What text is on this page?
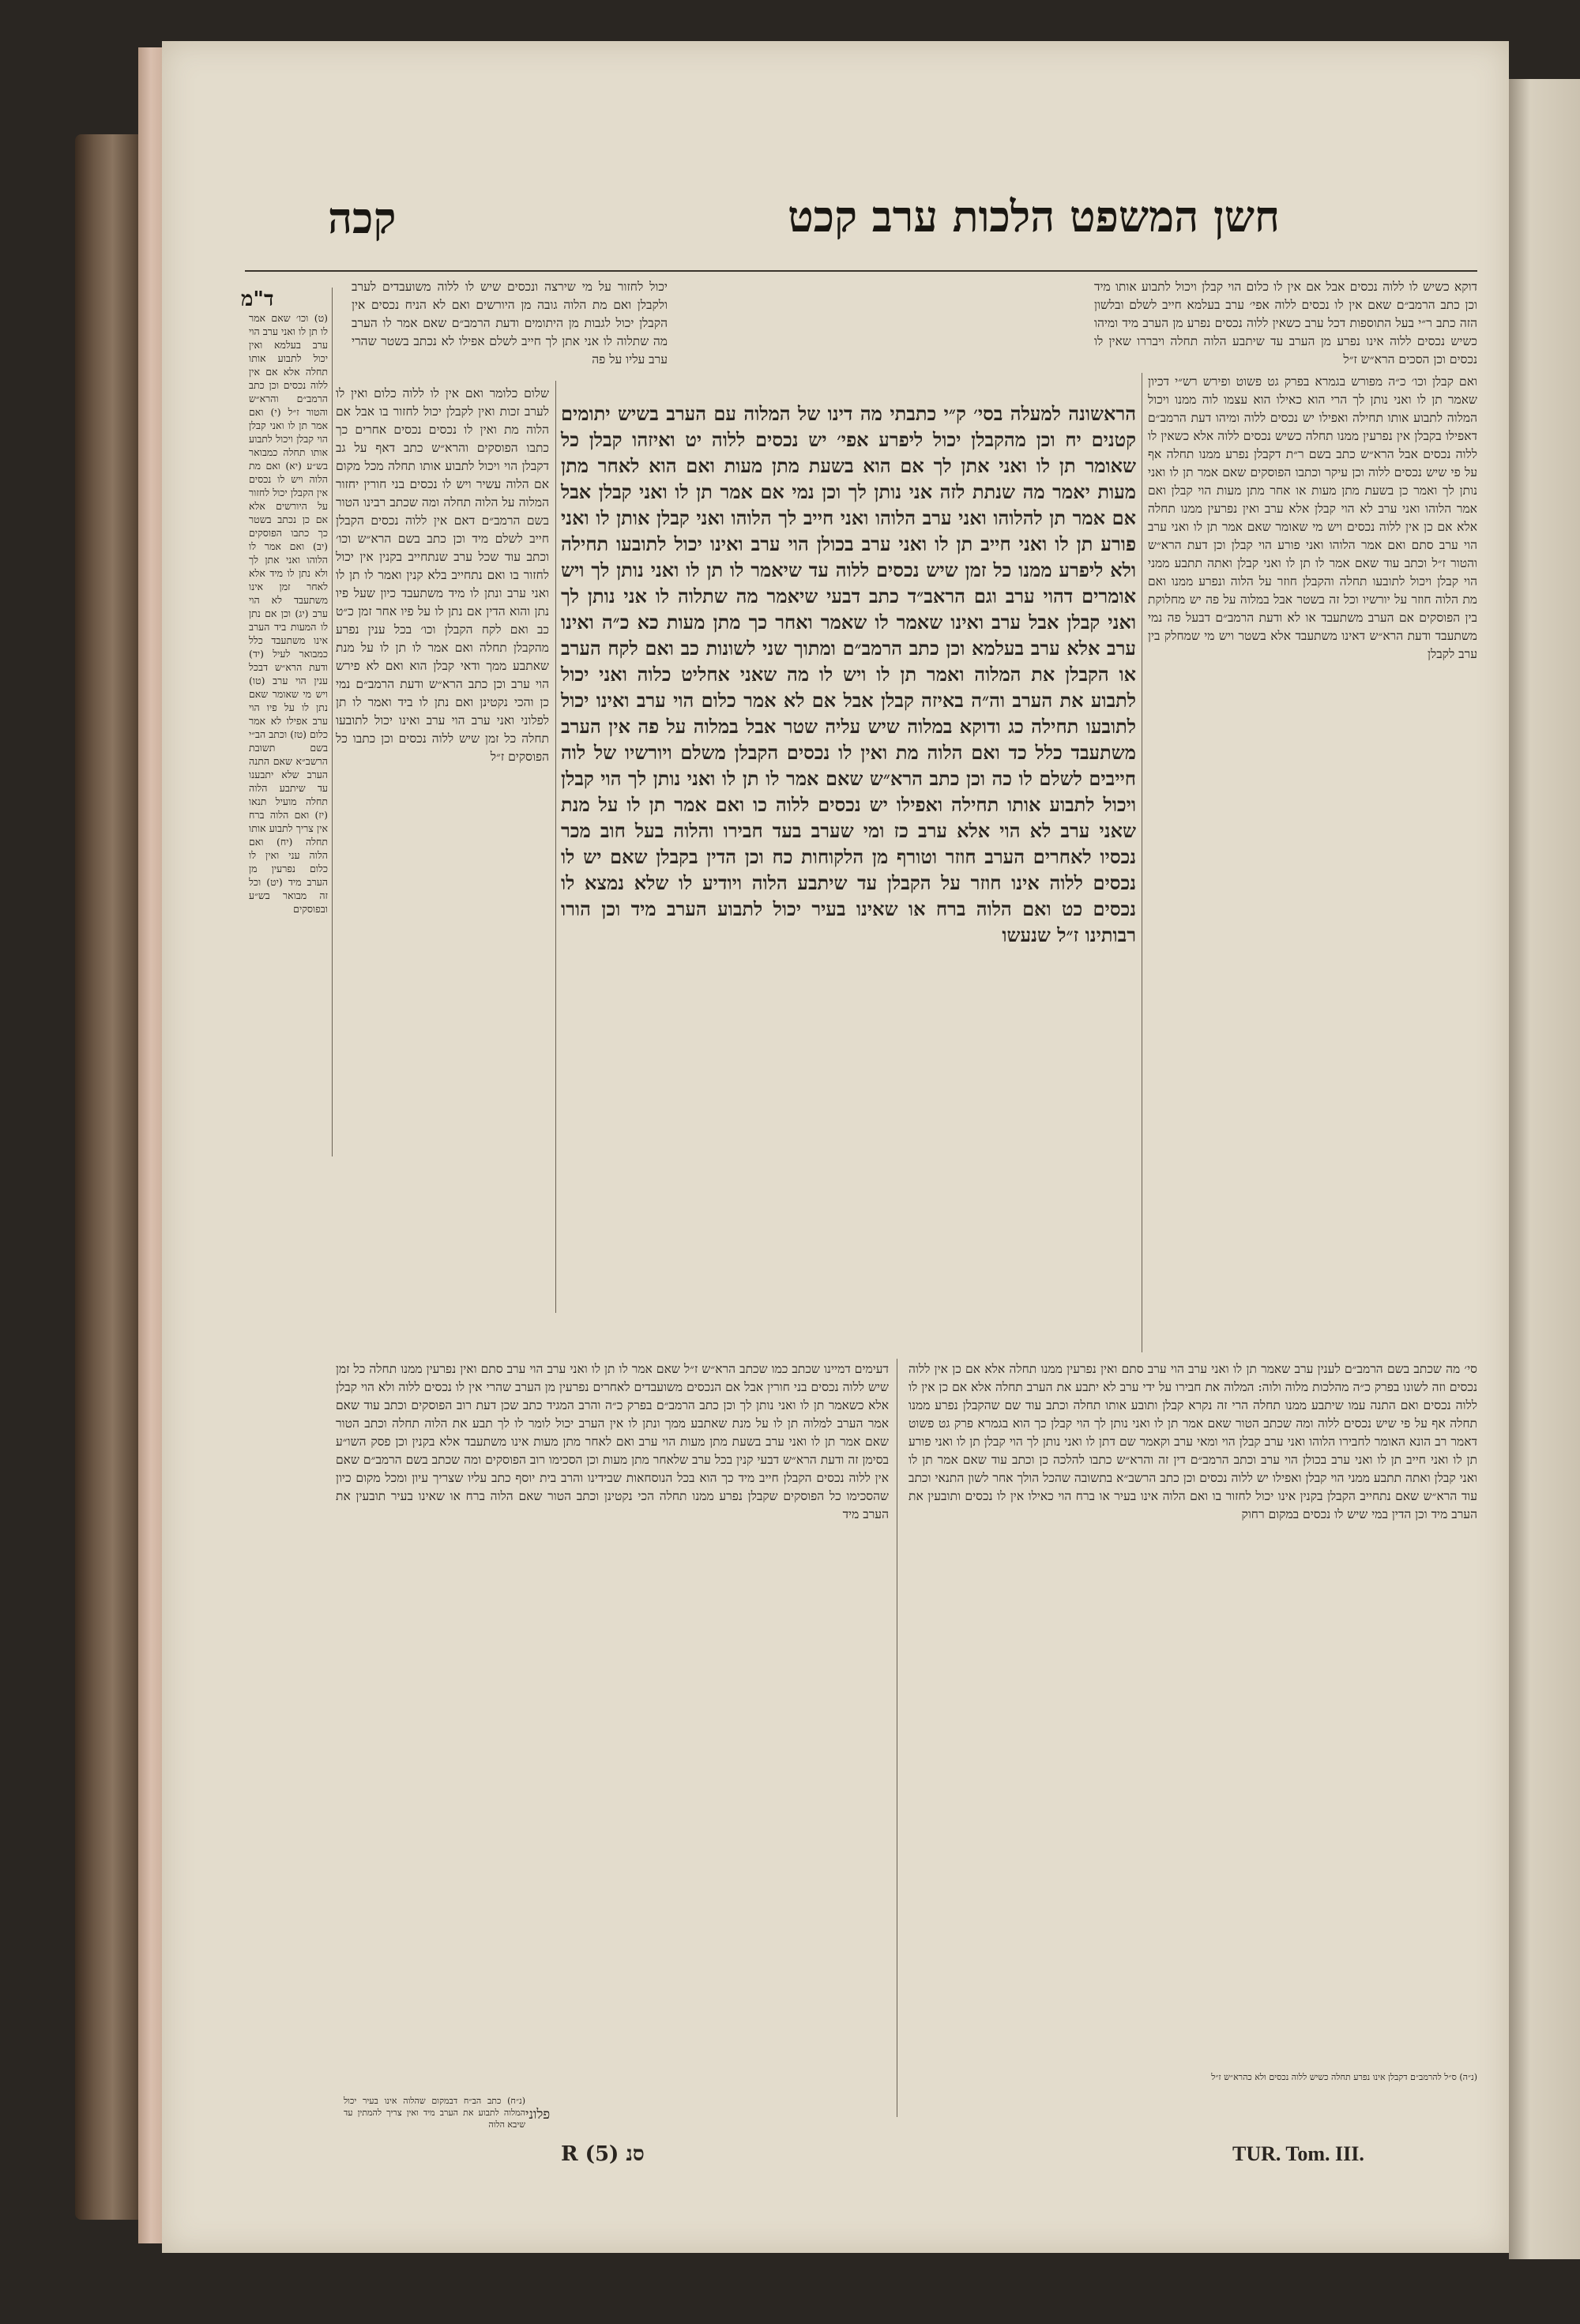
חשן המשפט הלכות ערב קכט
קכה
ד"מ
דוקא כשיש לו ללוה נכסים אבל אם אין לו כלום הוי קבלן ויכול לתבוע אותו מיד וכן כתב הרמב״ם שאם אין לו נכסים ללוה אפי׳ ערב בעלמא חייב לשלם ובלשון הזה כתב ר״י בעל התוספות דכל ערב כשאין ללוה נכסים נפרע מן הערב מיד ומיהו כשיש נכסים ללוה אינו נפרע מן הערב עד שיתבע הלוה תחלה ויבררו שאין לו נכסים וכן הסכים הרא״ש ז״ל
ואם קבלן וכו׳ כ״ה מפורש בגמרא בפרק גט פשוט ופירש רש״י דכיון שאמר תן לו ואני נותן לך הרי הוא כאילו הוא עצמו לוה ממנו ויכול המלוה לתבוע אותו תחילה ואפילו יש נכסים ללוה ומיהו דעת הרמב״ם דאפילו בקבלן אין נפרעין ממנו תחלה כשיש נכסים ללוה אלא כשאין לו ללוה נכסים אבל הרא״ש כתב בשם ר״ת דקבלן נפרע ממנו תחלה אף על פי שיש נכסים ללוה וכן עיקר וכתבו הפוסקים שאם אמר תן לו ואני נותן לך ואמר כן בשעת מתן מעות או אחר מתן מעות הוי קבלן ואם אמר הלוהו ואני ערב לא הוי קבלן אלא ערב ואין נפרעין ממנו תחלה אלא אם כן אין ללוה נכסים ויש מי שאומר שאם אמר תן לו ואני ערב הוי ערב סתם ואם אמר הלוהו ואני פורע הוי קבלן וכן דעת הרא״ש והטור ז״ל וכתב עוד שאם אמר לו תן לו ואני קבלן ואתה תתבע ממני הוי קבלן ויכול לתובעו תחלה והקבלן חוזר על הלוה ונפרע ממנו ואם מת הלוה חוזר על יורשיו וכל זה בשטר אבל במלוה על פה יש מחלוקת בין הפוסקים אם הערב משתעבד או לא ודעת הרמב״ם דבעל פה נמי משתעבד ודעת הרא״ש דאינו משתעבד אלא בשטר ויש מי שמחלק בין ערב לקבלן
יכול לחזור על מי שירצה ונכסים שיש לו ללוה משועבדים לערב ולקבלן ואם מת הלוה גובה מן היורשים ואם לא הניח נכסים אין הקבלן יכול לגבות מן היתומים ודעת הרמב״ם שאם אמר לו הערב מה שתלוה לו אני אתן לך חייב לשלם אפילו לא נכתב בשטר שהרי ערב עליו על פה
שלום כלומר ואם אין לו ללוה כלום ואין לו לערב זכות ואין לקבלן יכול לחזור בו אבל אם הלוה מת ואין לו נכסים נכסים אחרים כך כתבו הפוסקים והרא״ש כתב דאף על גב דקבלן הוי ויכול לתבוע אותו תחלה מכל מקום אם הלוה עשיר ויש לו נכסים בני חורין יחזור המלוה על הלוה תחלה ומה שכתב רבינו הטור בשם הרמב״ם דאם אין ללוה נכסים הקבלן חייב לשלם מיד וכן כתב בשם הרא״ש וכו׳ וכתב עוד שכל ערב שנתחייב בקנין אין יכול לחזור בו ואם נתחייב בלא קנין ואמר לו תן לו ואני ערב ונתן לו מיד משתעבד כיון שעל פיו נתן והוא הדין אם נתן לו על פיו אחר זמן כ״ט כב ואם לקח הקבלן וכו׳ בכל ענין נפרע מהקבלן תחלה ואם אמר לו תן לו על מנת שאתבע ממך ודאי קבלן הוא ואם לא פירש הוי ערב וכן כתב הרא״ש ודעת הרמב״ם נמי כן והכי נקטינן ואם נתן לו ביד ואמר לו תן לפלוני ואני ערב הוי ערב ואינו יכול לתובעו תחלה כל זמן שיש ללוה נכסים וכן כתבו כל הפוסקים ז״ל
(ט) וכו׳ שאם אמר לו תן לו ואני ערב הוי ערב בעלמא ואין יכול לתבוע אותו תחלה אלא אם אין ללוה נכסים וכן כתב הרמב״ם והרא״ש והטור ז״ל (י) ואם אמר תן לו ואני קבלן הוי קבלן ויכול לתבוע אותו תחלה כמבואר בש״ע (יא) ואם מת הלוה ויש לו נכסים אין הקבלן יכול לחזור על היורשים אלא אם כן נכתב בשטר כך כתבו הפוסקים (יב) ואם אמר לו הלוהו ואני אתן לך ולא נתן לו מיד אלא לאחר זמן אינו משתעבד לא הוי ערב (יג) וכן אם נתן לו המעות ביד הערב אינו משתעבד כלל כמבואר לעיל (יד) ודעת הרא״ש דבכל ענין הוי ערב (טו) ויש מי שאומר שאם נתן לו על פיו הוי ערב אפילו לא אמר כלום (טז) וכתב הב״י בשם תשובת הרשב״א שאם התנה הערב שלא יתבענו עד שיתבע הלוה תחלה מועיל תנאו (יז) ואם הלוה ברח אין צריך לתבוע אותו תחלה (יח) ואם הלוה עני ואין לו כלום נפרעין מן הערב מיד (יט) וכל זה מבואר בש״ע ובפוסקים
הראשונה למעלה בסי׳ ק״י כתבתי מה דינו של המלוה עם הערב בשיש יתומים קטנים יח וכן מהקבלן יכול ליפרע אפי׳ יש נכסים ללוה יט ואיזהו קבלן כל שאומר תן לו ואני אתן לך אם הוא בשעת מתן מעות ואם הוא לאחר מתן מעות יאמר מה שנתת לזה אני נותן לך וכן נמי אם אמר תן לו ואני קבלן אבל אם אמר תן להלוהו ואני ערב הלוהו ואני חייב לך הלוהו ואני קבלן אותן לו ואני פורע תן לו ואני חייב תן לו ואני ערב בכולן הוי ערב ואינו יכול לתובעו תחילה ולא ליפרע ממנו כל זמן שיש נכסים ללוה עד שיאמר לו תן לו ואני נותן לך ויש אומרים דהוי ערב וגם הראב״ד כתב דבעי שיאמר מה שתלוה לו אני נותן לך ואני קבלן אבל ערב ואינו שאמר לו שאמר ואחר כך מתן מעות כא כ״ה ואינו ערב אלא ערב בעלמא וכן כתב הרמב״ם ומתוך שני לשונות כב ואם לקח הערב או הקבלן את המלוה ואמר תן לו ויש לו מה שאני אחליט כלוה ואני יכול לתבוע את הערב וה״ה באיזה קבלן אבל אם לא אמר כלום הוי ערב ואינו יכול לתובעו תחילה כג ודוקא במלוה שיש עליה שטר אבל במלוה על פה אין הערב משתעבד כלל כד ואם הלוה מת ואין לו נכסים הקבלן משלם ויורשיו של לוה חייבים לשלם לו כה וכן כתב הרא״ש שאם אמר לו תן לו ואני נותן לך הוי קבלן ויכול לתבוע אותו תחילה ואפילו יש נכסים ללוה כו ואם אמר תן לו על מנת שאני ערב לא הוי אלא ערב כז ומי שערב בעד חבירו והלוה בעל חוב מכר נכסיו לאחרים הערב חוזר וטורף מן הלקוחות כח וכן הדין בקבלן שאם יש לו נכסים ללוה אינו חוזר על הקבלן עד שיתבע הלוה ויודיע לו שלא נמצא לו נכסים כט ואם הלוה ברח או שאינו בעיר יכול לתבוע הערב מיד וכן הורו רבותינו ז״ל שנעשו
סי׳ מה שכתב בשם הרמב״ם לענין ערב שאמר תן לו ואני ערב הוי ערב סתם ואין נפרעין ממנו תחלה אלא אם כן אין ללוה נכסים וזה לשונו בפרק כ״ה מהלכות מלוה ולוה: המלוה את חבירו על ידי ערב לא יתבע את הערב תחלה אלא אם כן אין לו ללוה נכסים ואם התנה עמו שיתבע ממנו תחלה הרי זה נקרא קבלן ותובע אותו תחלה וכתב עוד שם שהקבלן נפרע ממנו תחלה אף על פי שיש נכסים ללוה ומה שכתב הטור שאם אמר תן לו ואני נותן לך הוי קבלן כך הוא בגמרא פרק גט פשוט דאמר רב הונא האומר לחבירו הלוהו ואני ערב קבלן הוי ומאי ערב וקאמר שם דתן לו ואני נותן לך הוי קבלן תן לו ואני פורע תן לו ואני חייב תן לו ואני ערב בכולן הוי ערב וכתב הרמב״ם דין זה והרא״ש כתבו להלכה כן וכתב עוד שאם אמר תן לו ואני קבלן ואתה תתבע ממני הוי קבלן ואפילו יש ללוה נכסים וכן כתב הרשב״א בתשובה שהכל הולך אחר לשון התנאי וכתב עוד הרא״ש שאם נתחייב הקבלן בקנין אינו יכול לחזור בו ואם הלוה אינו בעיר או ברח הוי כאילו אין לו נכסים ותובעין את הערב מיד וכן הדין במי שיש לו נכסים במקום רחוק
(נ״ה) ס״ל להרמב״ם דקבלן אינו נפרע תחלה כשיש ללוה נכסים ולא כהרא״ש ז״ל
דעימים דמיינו שכתב כמו שכתב הרא״ש ז״ל שאם אמר לו תן לו ואני ערב הוי ערב סתם ואין נפרעין ממנו תחלה כל זמן שיש ללוה נכסים בני חורין אבל אם הנכסים משועבדים לאחרים נפרעין מן הערב שהרי אין לו נכסים ללוה ולא הוי קבלן אלא כשאמר תן לו ואני נותן לך וכן כתב הרמב״ם בפרק כ״ה והרב המגיד כתב שכן דעת רוב הפוסקים וכתב עוד שאם אמר הערב למלוה תן לו על מנת שאתבע ממך ונתן לו אין הערב יכול לומר לו לך תבע את הלוה תחלה וכתב הטור שאם אמר תן לו ואני ערב בשעת מתן מעות הוי ערב ואם לאחר מתן מעות אינו משתעבד אלא בקנין וכן פסק השו״ע בסימן זה ודעת הרא״ש דבעי קנין בכל ערב שלאחר מתן מעות וכן הסכימו רוב הפוסקים ומה שכתב בשם הרמב״ם שאם אין ללוה נכסים הקבלן חייב מיד כך הוא בכל הנוסחאות שבידינו והרב בית יוסף כתב עליו שצריך עיון ומכל מקום כיון שהסכימו כל הפוסקים שקבלן נפרע ממנו תחלה הכי נקטינן וכתב הטור שאם הלוה ברח או שאינו בעיר תובעין את הערב מיד
(נ״ח) כתב הב״ח דבמקום שהלוה אינו בעיר יכול המלוה לתבוע את הערב מיד ואין צריך להמתין עד שיבא הלוה
פלוני
R (5) סנ	TUR. Tom. III.
